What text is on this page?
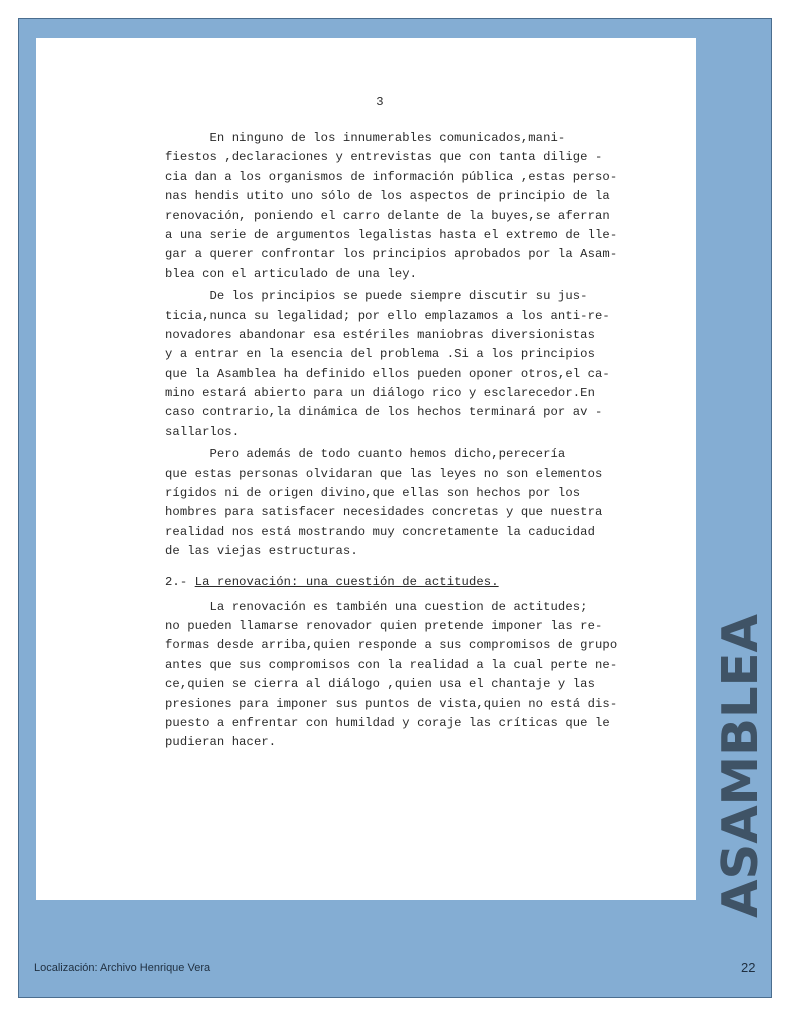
3
En ninguno de los innumerables comunicados,mani-
fiestos ,declaraciones y entrevistas que con tanta dilige -
cia dan a los organismos de información pública ,estas perso-
nas hendis utito uno sólo de los aspectos de principio de la
renovación, poniendo el carro delante de la buyes,se aferran
a una serie de argumentos legalistas hasta el extremo de lle-
gar a querer confrontar los principios aprobados por la Asam-
blea con el articulado de una ley.
De los principios se puede siempre discutir su jus-
ticia,nunca su legalidad; por ello emplazamos a los anti-re-
novadores abandonar esa estériles maniobras diversionistas
y a entrar en la esencia del problema .Si a los principios
que la Asamblea ha definido ellos pueden oponer otros,el ca-
mino estará abierto para un diálogo rico y esclarecedor.En
caso contrario,la dinámica de los hechos terminará por av -
sallarlos.
Pero además de todo cuanto hemos dicho,perecería
que estas personas olvidaran que las leyes no son elementos
rígidos ni de origen divino,que ellas son hechos por los
hombres para satisfacer necesidades concretas y que nuestra
realidad nos está mostrando muy concretamente la caducidad
de las viejas estructuras.
2.- La renovación: una cuestión de actitudes.
La renovación es también una cuestion de actitudes;
no pueden llamarse renovador quien pretende imponer las re-
formas desde arriba,quien responde a sus compromisos de grupo
antes que sus compromisos con la realidad a la cual perte ne-
ce,quien se cierra al diálogo ,quien usa el chantaje y las
presiones para imponer sus puntos de vista,quien no está dis-
puesto a enfrentar con humildad y coraje las críticas que le
pudieran hacer.	ASAMBLEA
Localización: Archivo Henrique Vera	22
